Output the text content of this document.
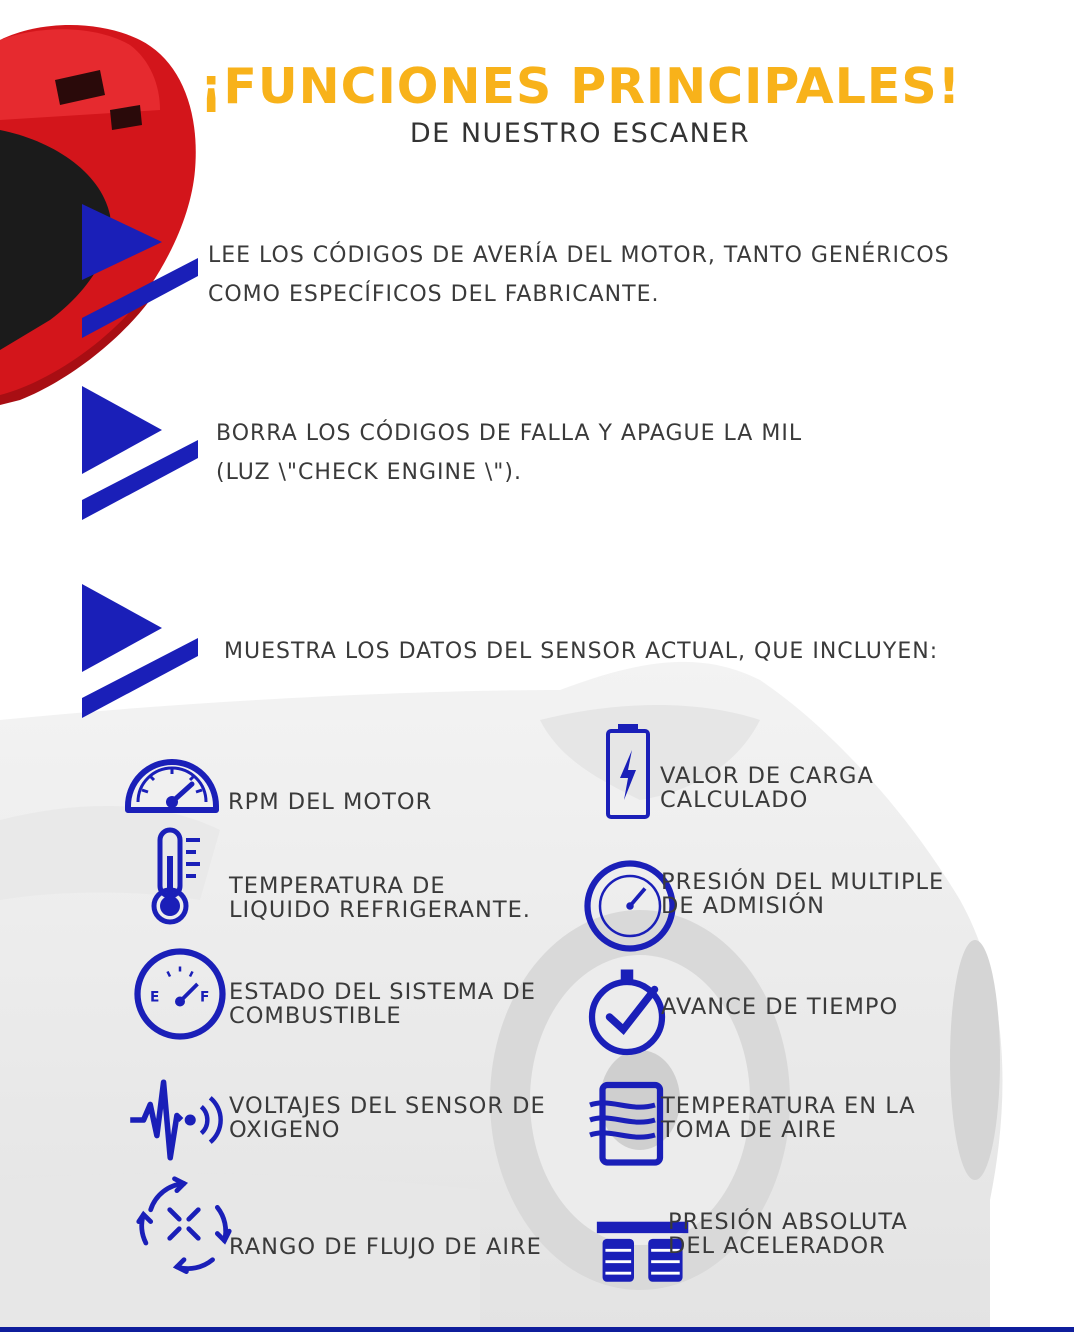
¡FUNCIONES PRINCIPALES!
DE NUESTRO ESCANER
LEE LOS CÓDIGOS DE AVERÍA DEL MOTOR, TANTO GENÉRICOS
COMO ESPECÍFICOS DEL FABRICANTE.
BORRA LOS CÓDIGOS DE FALLA Y APAGUE LA MIL
(LUZ \"CHECK ENGINE \").
MUESTRA LOS DATOS DEL SENSOR ACTUAL, QUE INCLUYEN:
RPM DEL MOTOR
VALOR DE CARGA
CALCULADO
TEMPERATURA DE
LIQUIDO REFRIGERANTE.
PRESIÓN DEL MULTIPLE
DE ADMISIÓN
E	F ESTADO DEL SISTEMA DE
COMBUSTIBLE	AVANCE DE TIEMPO
VOLTAJES DEL SENSOR DE
OXIGENO
TEMPERATURA EN LA
TOMA DE AIRE
RANGO DE FLUJO DE AIRE
PRESIÓN ABSOLUTA
DEL ACELERADOR
